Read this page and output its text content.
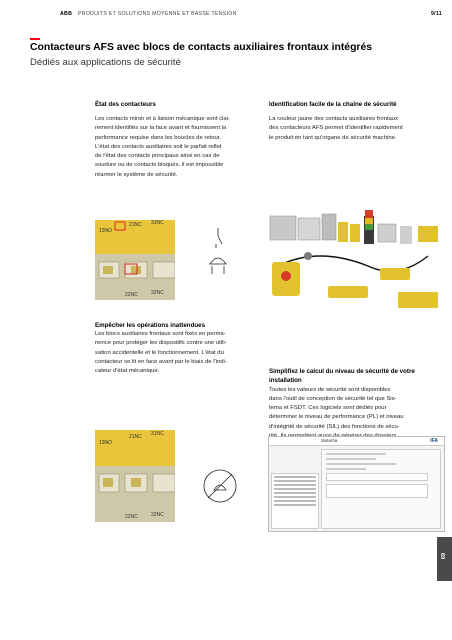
ABB PRODUITS ET SOLUTIONS MOYENNE ET BASSE TENSION	9/11
Contacteurs AFS avec blocs de contacts auxiliaires frontaux intégrés
Dédiés aux applications de sécurité
État des contacteurs
Les contacts miroir et à liaison mécanique sont clai-
rement identifiés sur la face avant et fournissent la
performance requise dans les boucles de retour.
L'état des contacts auxiliaires soit le parfait reflet
de l'état des contacts principaux ainsi en cas de
soudure ou de contacts bloqués, il est impossible
réarmer le système de sécurité.
Identification facile de la chaîne de sécurité
La couleur jaune des contacts auxiliaires frontaux
des contacteurs AFS permet d'identifier rapidement
le produit en tant qu'organe de sécurité machine.
13NO
21NC 31NC
22NC	32NC
Empêcher les opérations inattendues
Les blocs auxiliaires frontaux sont fixés en perma-
nence pour protéger les dispositifs contre une utili-
sation accidentelle et le fonctionnement. L'état du
contacteur se lit en face avant par le biais de l'indi-
cateur d'état mécanique.	Simplifiez le calcul du niveau de sécurité de votre
installation
Toutes les valeurs de sécurité sont disponibles
dans l'outil de conception de sécurité tel que Sis-
tema et FSDT. Ces logiciels sont dédiés pour
déterminer le niveau de performance (PL) et niveau
d'intégrité de sécurité (SIL) des fonctions de sécu-
13NO
21NC 31NC
22NC	32NC
Sistema	IFA
69
